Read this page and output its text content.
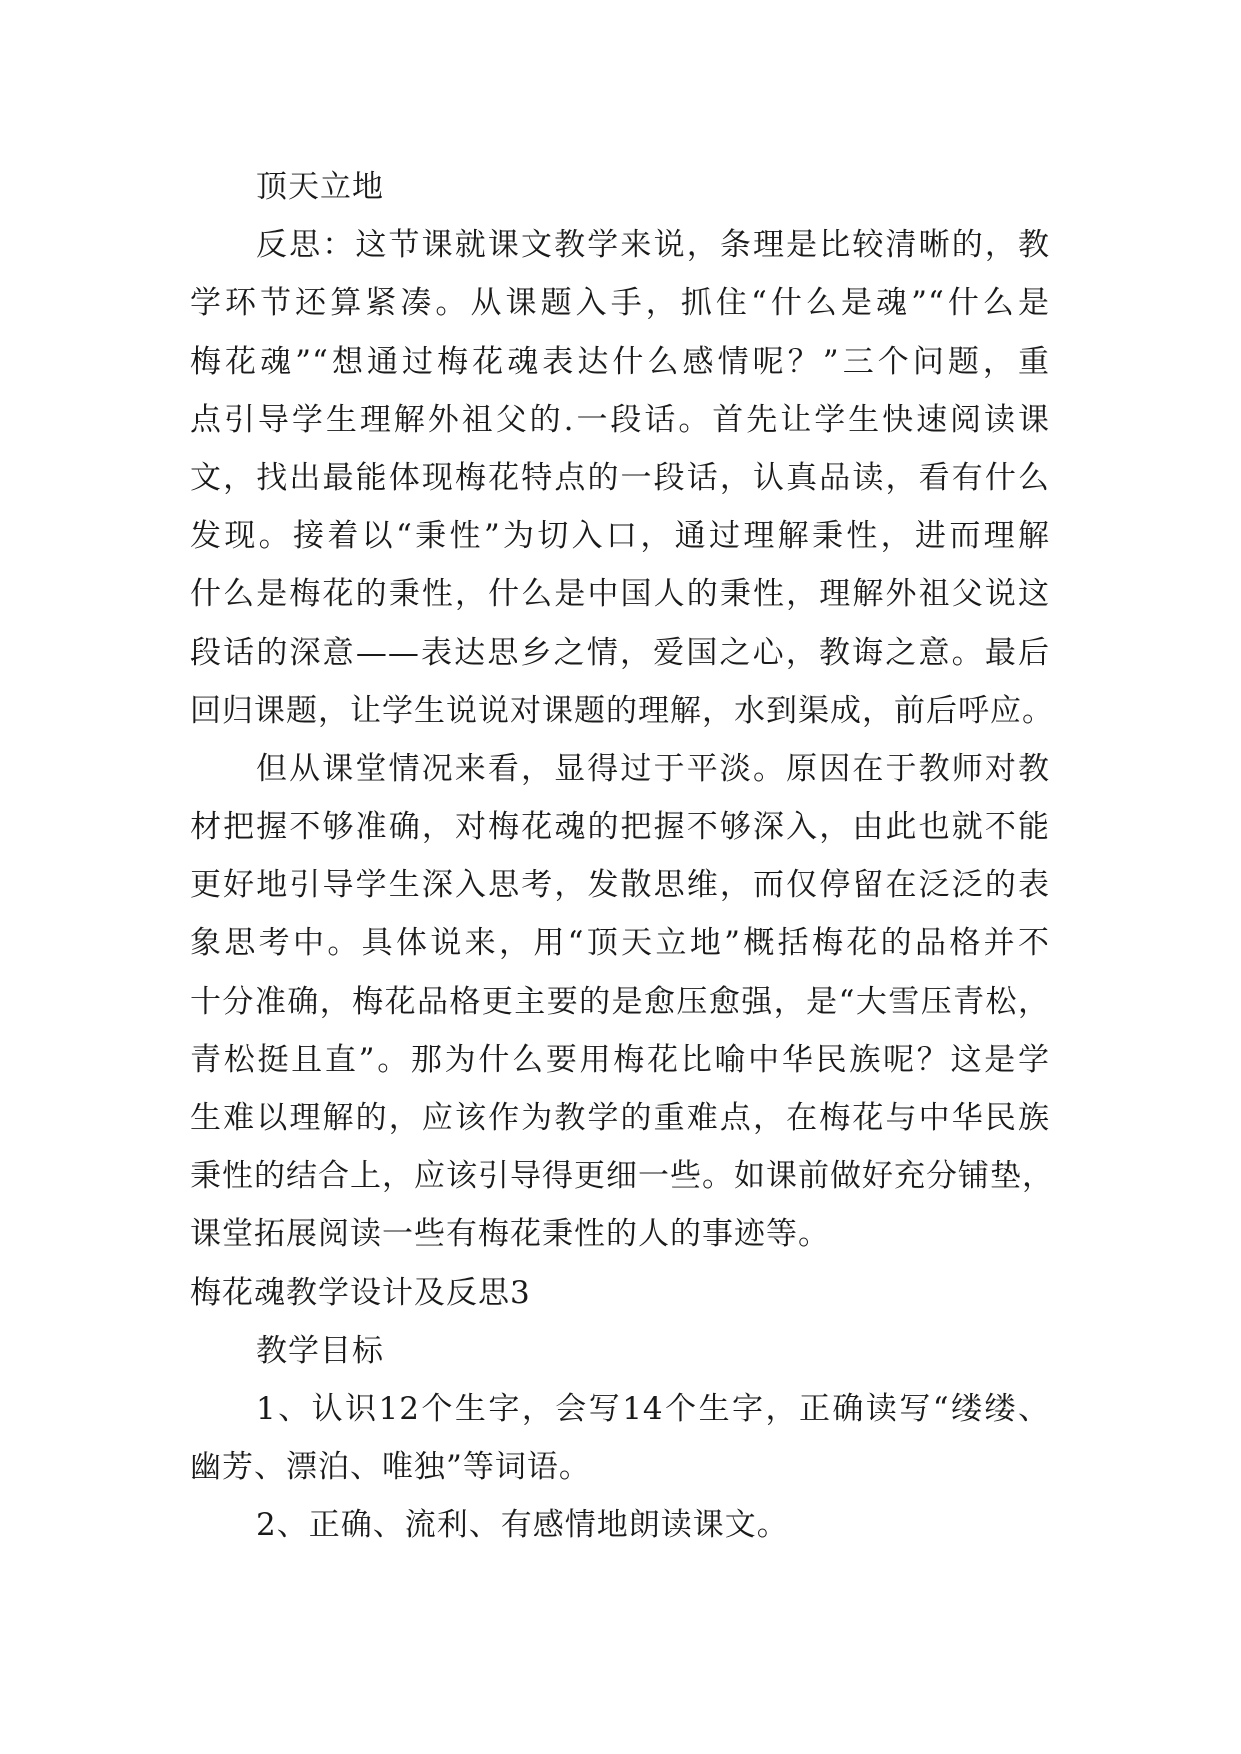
顶天立地
反思：这节课就课文教学来说，条理是比较清晰的，教
学环节还算紧凑。从课题入手，抓住“什么是魂”“什么是
梅花魂”“想通过梅花魂表达什么感情呢？”三个问题，重
点引导学生理解外祖父的.一段话。首先让学生快速阅读课
文，找出最能体现梅花特点的一段话，认真品读，看有什么
发现。接着以“秉性”为切入口，通过理解秉性，进而理解
什么是梅花的秉性，什么是中国人的秉性，理解外祖父说这
段话的深意——表达思乡之情，爱国之心，教诲之意。最后
回归课题，让学生说说对课题的理解，水到渠成，前后呼应。
但从课堂情况来看，显得过于平淡。原因在于教师对教
材把握不够准确，对梅花魂的把握不够深入，由此也就不能
更好地引导学生深入思考，发散思维，而仅停留在泛泛的表
象思考中。具体说来，用“顶天立地”概括梅花的品格并不
十分准确，梅花品格更主要的是愈压愈强，是“大雪压青松，
青松挺且直”。那为什么要用梅花比喻中华民族呢？这是学
生难以理解的，应该作为教学的重难点，在梅花与中华民族
秉性的结合上，应该引导得更细一些。如课前做好充分铺垫，
课堂拓展阅读一些有梅花秉性的人的事迹等。
梅花魂教学设计及反思3
教学目标
1、认识12个生字，会写14个生字，正确读写“缕缕、
幽芳、漂泊、唯独”等词语。
2、正确、流利、有感情地朗读课文。
